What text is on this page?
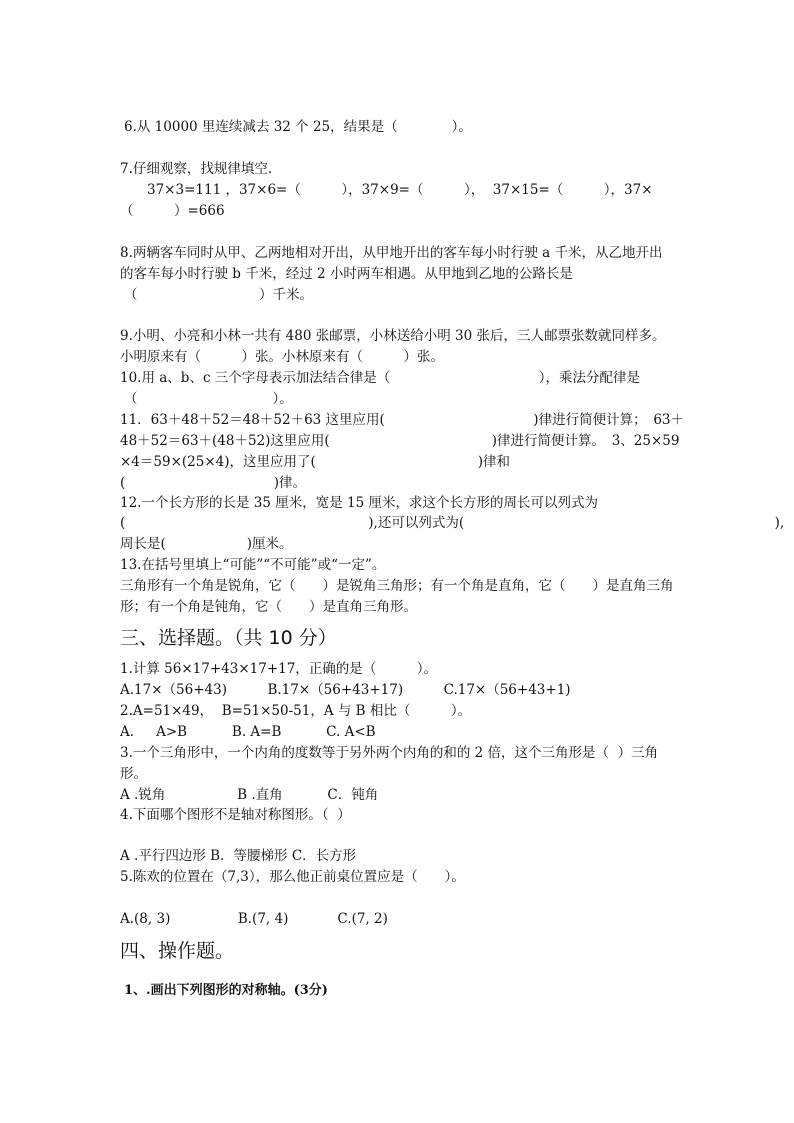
6.从 10000 里连续减去 32 个 25，结果是（　　　　）。
7.仔细观察，找规律填空.
37×3=111 ，37×6=（　　　），37×9=（　　　），  37×15=（　　　），37×
（　　　）=666
8.两辆客车同时从甲、乙两地相对开出，从甲地开出的客车每小时行驶 a 千米，从乙地开出
的客车每小时行驶 b 千米，经过 2 小时两车相遇。从甲地到乙地的公路长是
（　　　　　　　　　）千米。
9.小明、小亮和小林一共有 480 张邮票，小林送给小明 30 张后，三人邮票张数就同样多。
小明原来有（　　　）张。小林原来有（　　　）张。
10.用 a、b、c 三个字母表示加法结合律是（　　　　　　　　　　　），乘法分配律是
（　　　　　　　　　　）。
11．63＋48＋52＝48＋52＋63 这里应用(　　　　　　　　　　　)律进行简便计算；　63＋
48＋52＝63＋(48＋52)这里应用(　　　　　　　　　　　　)律进行简便计算。　3、25×59
×4＝59×(25×4)，这里应用了(　　　　　　　　　　　　)律和
(　　　　　　　　　　　)律。
12.一个长方形的长是 35 厘米，宽是 15 厘米，求这个长方形的周长可以列式为
(　　　　　　　　　　　　　　　　　　),还可以列式为(　　　　　　　　　　　　　　　　　　　　　　　),
周长是(　　　　　　)厘米。
13.在括号里填上“可能”“不可能”或“一定”。
三角形有一个角是锐角，它（　　）是锐角三角形；有一个角是直角，它（　　）是直角三角
形；有一个角是钝角，它（　　）是直角三角形。
三、选择题。（共 10 分）
1.计算 56×17+43×17+17，正确的是（　　　）。
A.17×（56+43)　　　B.17×（56+43+17)　　　C.17×（56+43+1)
2.A=51×49，  B=51×50-51，A 与 B 相比（　　　）。
A.　  A>B　　　 B. A=B　　　 C. A<B
3.一个三角形中，一个内角的度数等于另外两个内角的和的 2 倍，这个三角形是（  ）三角
形。
A .锐角　　　　　 B .直角　　　 C．钝角
4.下面哪个图形不是轴对称图形。（  ）
A .平行四边形 B．等腰梯形 C．长方形
5.陈欢的位置在（7,3），那么他正前桌位置应是（　　）。
A.(8, 3)　　　　　B.(7, 4)　　　  C.(7, 2)
四、操作题。
1、.画出下列图形的对称轴。(3分)
